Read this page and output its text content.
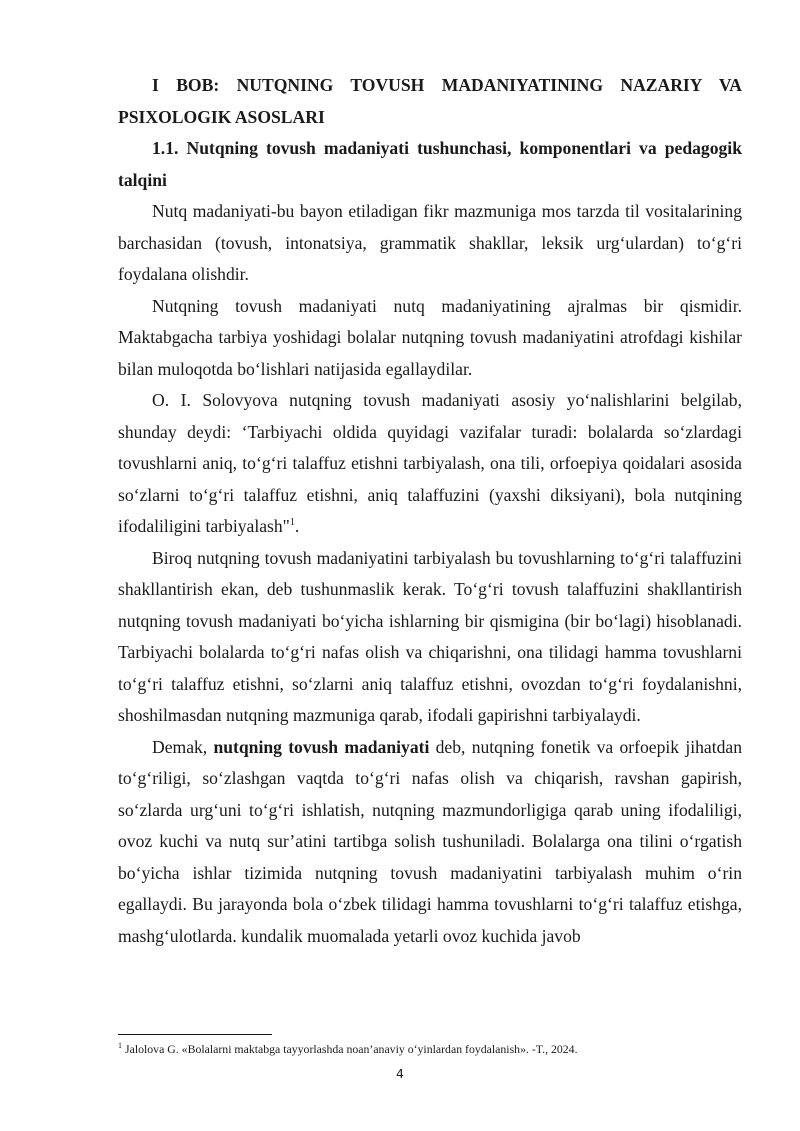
I BOB: NUTQNING TOVUSH MADANIYATINING NAZARIY VA PSIXOLOGIK ASOSLARI

1.1. Nutqning tovush madaniyati tushunchasi, komponentlari va pedagogik talqini

Nutq madaniyati-bu bayon etiladigan fikr mazmuniga mos tarzda til vositalarining barchasidan (tovush, intonatsiya, grammatik shakllar, leksik urg‘ulardan) to‘g‘ri foydalana olishdir.

Nutqning tovush madaniyati nutq madaniyatining ajralmas bir qismidir. Maktabgacha tarbiya yoshidagi bolalar nutqning tovush madaniyatini atrofdagi kishilar bilan muloqotda bo‘lishlari natijasida egallaydilar.

O. I. Solovyova nutqning tovush madaniyati asosiy yo‘nalishlarini belgilab, shunday deydi: ‘Tarbiyachi oldida quyidagi vazifalar turadi: bolalarda so‘zlardagi tovushlarni aniq, to‘g‘ri talaffuz etishni tarbiyalash, ona tili, orfoepiya qoidalari asosida so‘zlarni to‘g‘ri talaffuz etishni, aniq talaffuzini (yaxshi diksiyani), bola nutqining ifodaliligini tarbiyalash"$^1$.

Biroq nutqning tovush madaniyatini tarbiyalash bu tovushlarning to‘g‘ri talaffuzini shakllantirish ekan, deb tushunmaslik kerak. To‘g‘ri tovush talaffuzini shakllantirish nutqning tovush madaniyati bo‘yicha ishlarning bir qismigina (bir bo‘lagi) hisoblanadi. Tarbiyachi bolalarda to‘g‘ri nafas olish va chiqarishni, ona tilidagi hamma tovushlarni to‘g‘ri talaffuz etishni, so‘zlarni aniq talaffuz etishni, ovozdan to‘g‘ri foydalanishni, shoshilmasdan nutqning mazmuniga qarab, ifodali gapirishni tarbiyalaydi.

Demak, nutqning tovush madaniyati deb, nutqning fonetik va orfoepik jihatdan to‘g‘riligi, so‘zlashgan vaqtda to‘g‘ri nafas olish va chiqarish, ravshan gapirish, so‘zlarda urg‘uni to‘g‘ri ishlatish, nutqning mazmundorligiga qarab uning ifodaliligi, ovoz kuchi va nutq sur’atini tartibga solish tushuniladi. Bolalarga ona tilini o‘rgatish bo‘yicha ishlar tizimida nutqning tovush madaniyatini tarbiyalash muhim o‘rin egallaydi. Bu jarayonda bola o‘zbek tilidagi hamma tovushlarni to‘g‘ri talaffuz etishga, mashg‘ulotlarda. kundalik muomalada yetarli ovoz kuchida javob

$^1$ Jalolova G. «Bolalarni maktabga tayyorlashda noan’anaviy o‘yinlardan foydalanish». -T., 2024.
4
